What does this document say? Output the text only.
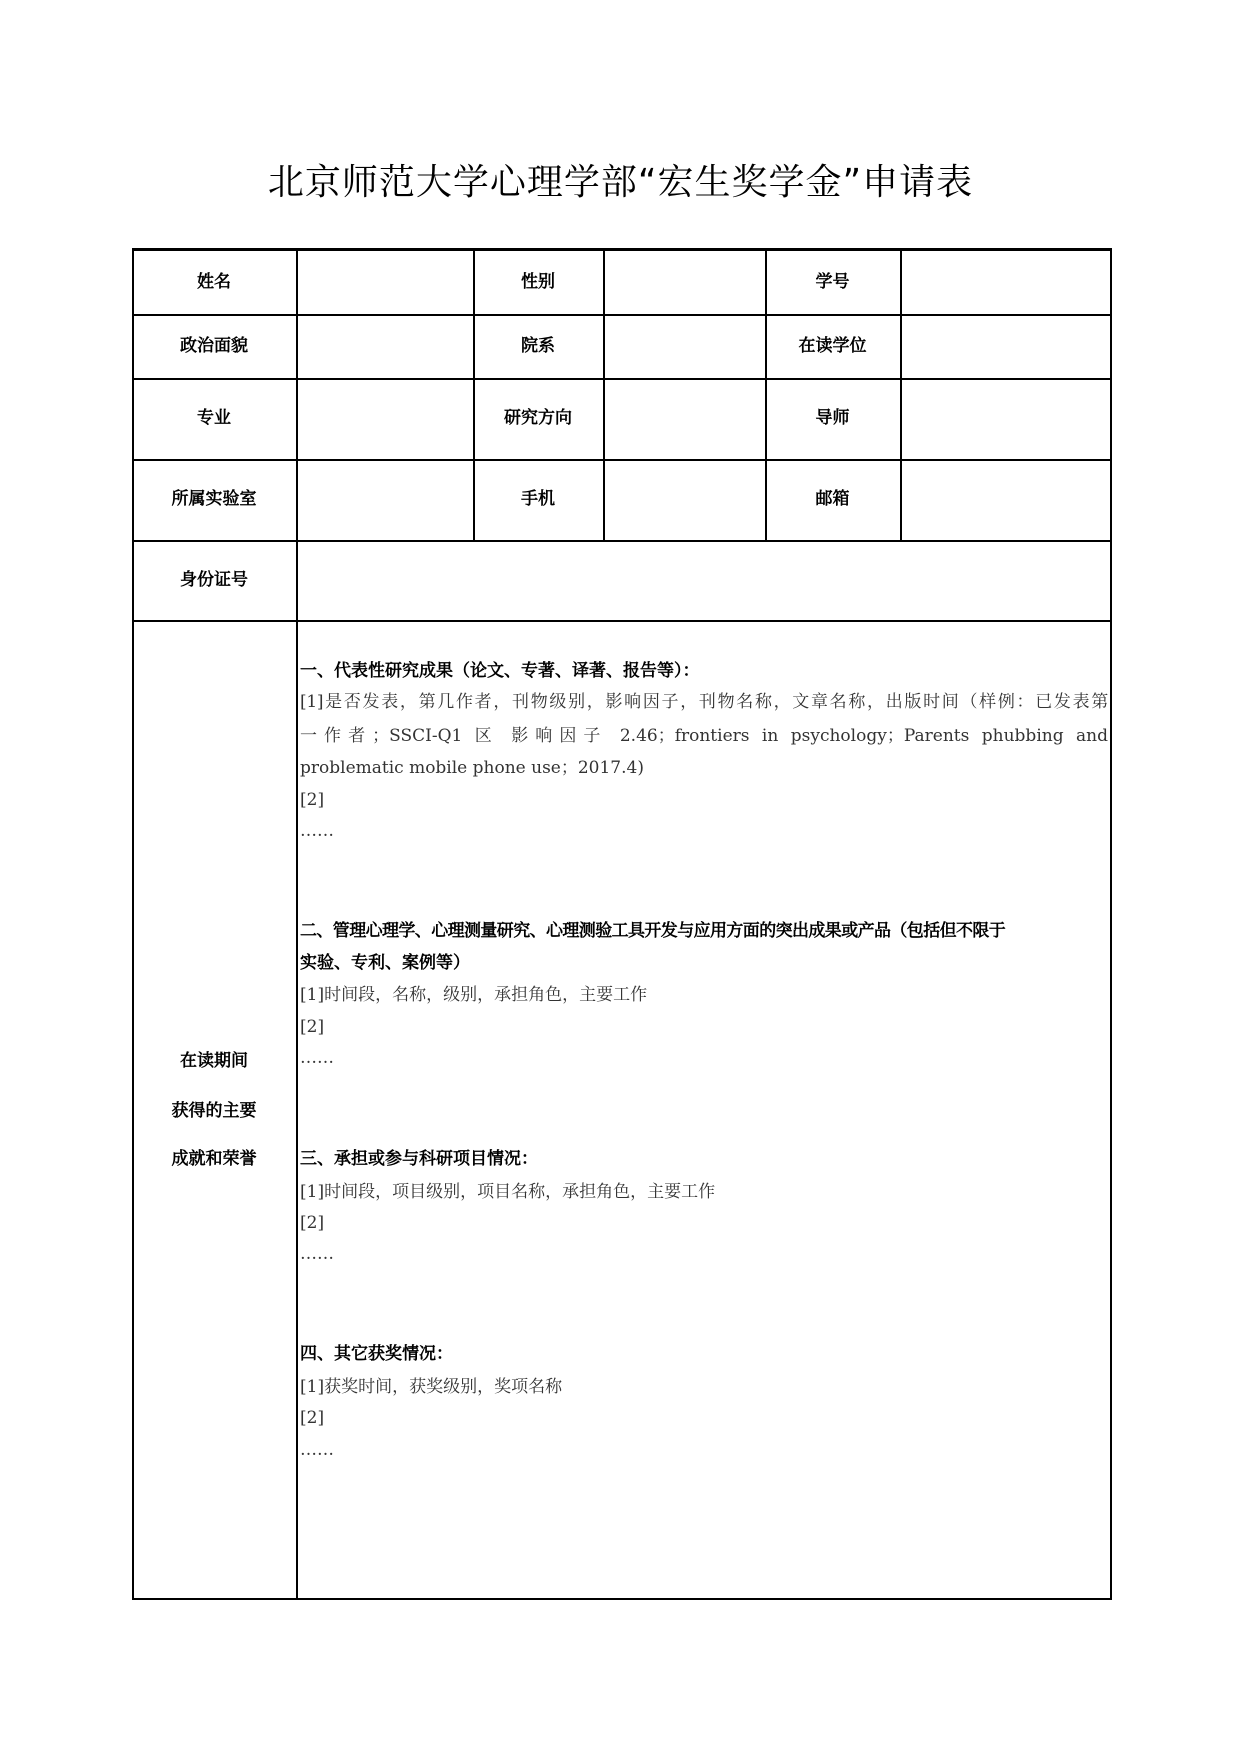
北京师范大学心理学部“宏生奖学金”申请表
姓名	性别	学号
政治面貌	院系	在读学位
专业	研究方向	导师
所属实验室	手机	邮箱
身份证号
在读期间
获得的主要
成就和荣誉
一、代表性研究成果（论文、专著、译著、报告等）：
[1]是否发表，第几作者，刊物级别，影响因子，刊物名称，文章名称，出版时间（样例：已发表第
一作者；SSCI-Q1 区 影响因子 2.46；frontiers in psychology；Parents phubbing and
problematic mobile phone use；2017.4)
[2]
……
二、管理心理学、心理测量研究、心理测验工具开发与应用方面的突出成果或产品（包括但不限于
实验、专利、案例等）
[1]时间段，名称，级别，承担角色，主要工作
[2]
……
三、承担或参与科研项目情况：
[1]时间段，项目级别，项目名称，承担角色，主要工作
[2]
……
四、其它获奖情况：
[1]获奖时间，获奖级别，奖项名称
[2]
……
